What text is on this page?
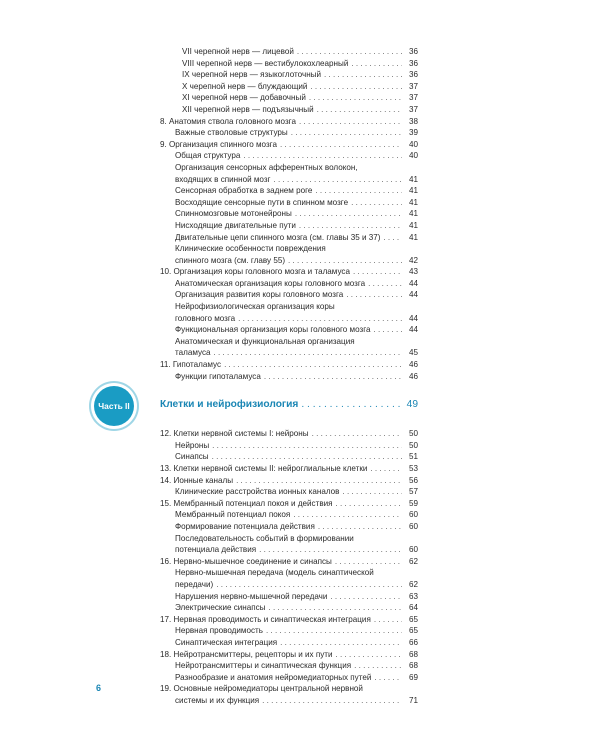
VII черепной нерв — лицевой . . .	36
VIII черепной нерв — вестибулокохлеарный . . .	36
IX черепной нерв — языкоглоточный . . .	36
X черепной нерв — блуждающий . . .	37
XI черепной нерв — добавочный . . .	37
XII черепной нерв — подъязычный . . .	37
8. Анатомия ствола головного мозга . . .	38
Важные стволовые структуры . . .	39
9. Организация спинного мозга . . .	40
Общая структура . . .	40
Организация сенсорных афферентных волокон,
входящих в спинной мозг . . .	41
Сенсорная обработка в заднем роге . . .	41
Восходящие сенсорные пути в спинном мозге . . .	41
Спинномозговые мотонейроны . . .	41
Нисходящие двигательные пути . . .	41
Двигательные цепи спинного мозга (см. главы 35 и 37) . . .	41
Клинические особенности повреждения
спинного мозга (см. главу 55) . . .	42
10. Организация коры головного мозга и таламуса . . .	43
Анатомическая организация коры головного мозга . . .	44
Организация развития коры головного мозга . . .	44
Нейрофизиологическая организация коры
головного мозга . . .	44
Функциональная организация коры головного мозга . . .	44
Анатомическая и функциональная организация
таламуса . . .	45
11. Гипоталамус . . .	46
Функции гипоталамуса . . .	46
Часть II	Клетки и нейрофизиология . . .	49
12. Клетки нервной системы I: нейроны . . .	50
Нейроны . . .	50
Синапсы . . .	51
13. Клетки нервной системы II: нейроглиальные клетки . . .	53
14. Ионные каналы . . .	56
Клинические расстройства ионных каналов . . .	57
15. Мембранный потенциал покоя и действия . . .	59
Мембранный потенциал покоя . . .	60
Формирование потенциала действия . . .	60
Последовательность событий в формировании
потенциала действия . . .	60
16. Нервно-мышечное соединение и синапсы . . .	62
Нервно-мышечная передача (модель синаптической
передачи) . . .	62
Нарушения нервно-мышечной передачи . . .	63
Электрические синапсы . . .	64
17. Нервная проводимость и синаптическая интеграция . . .	65
Нервная проводимость . . .	65
Синаптическая интеграция . . .	66
18. Нейротрансмиттеры, рецепторы и их пути . . .	68
Нейротрансмиттеры и синаптическая функция . . .	68
Разнообразие и анатомия нейромедиаторных путей . . .	69
19. Основные нейромедиаторы центральной нервной
системы и их функция . . .	71
6
